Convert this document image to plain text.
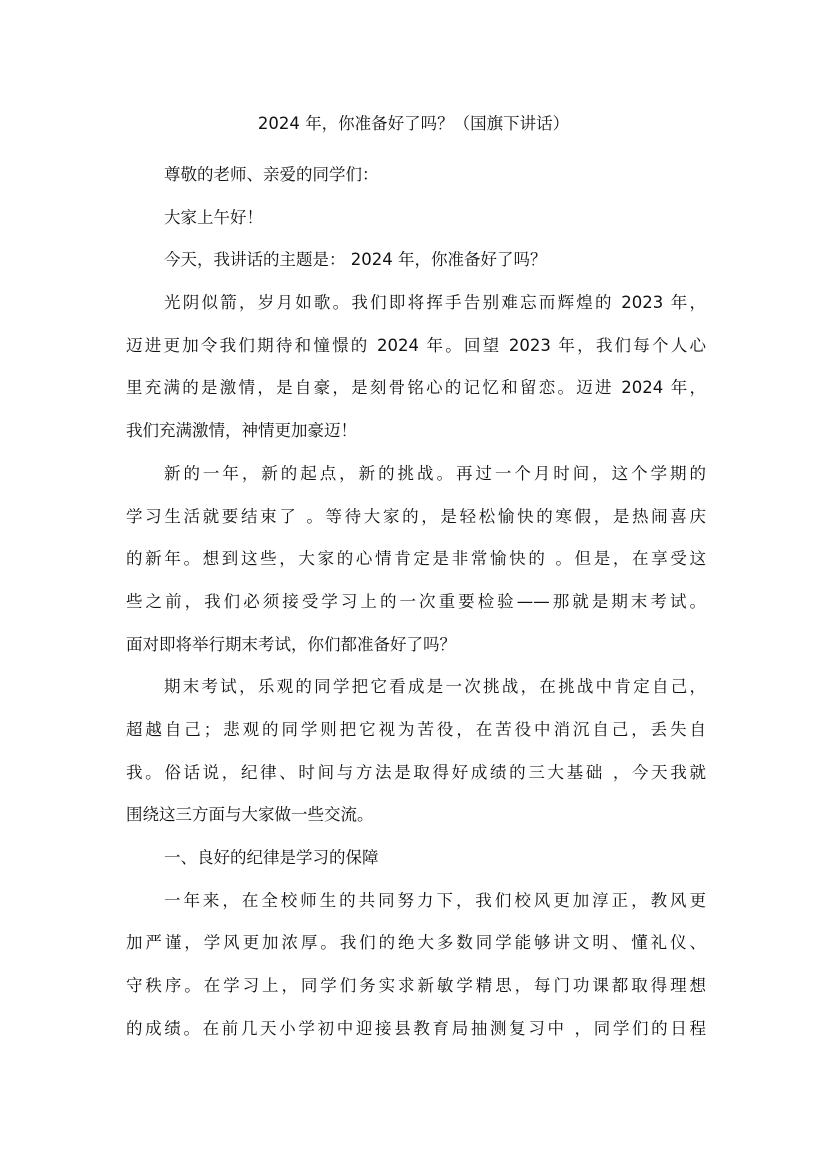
2024 年，你准备好了吗？（国旗下讲话）
尊敬的老师、亲爱的同学们：
大家上午好！
今天，我讲话的主题是： 2024 年，你准备好了吗？
光阴似箭，岁月如歌。我们即将挥手告别难忘而辉煌的 2023 年，
迈进更加令我们期待和憧憬的 2024 年。回望 2023 年，我们每个人心
里充满的是激情，是自豪，是刻骨铭心的记忆和留恋。迈进 2024 年，
我们充满激情，神情更加豪迈！
新的一年，新的起点，新的挑战。再过一个月时间，这个学期的
学习生活就要结束了 。等待大家的，是轻松愉快的寒假，是热闹喜庆
的新年。想到这些，大家的心情肯定是非常愉快的 。但是，在享受这
些之前，我们必须接受学习上的一次重要检验——那就是期末考试。
面对即将举行期末考试，你们都准备好了吗？
期末考试，乐观的同学把它看成是一次挑战，在挑战中肯定自己，
超越自己；悲观的同学则把它视为苦役，在苦役中消沉自己，丢失自
我。俗话说，纪律、时间与方法是取得好成绩的三大基础 ，今天我就
围绕这三方面与大家做一些交流。
一、良好的纪律是学习的保障
一年来，在全校师生的共同努力下，我们校风更加淳正，教风更
加严谨，学风更加浓厚。我们的绝大多数同学能够讲文明、懂礼仪、
守秩序。在学习上，同学们务实求新敏学精思，每门功课都取得理想
的成绩。在前几天小学初中迎接县教育局抽测复习中 ，同学们的日程
